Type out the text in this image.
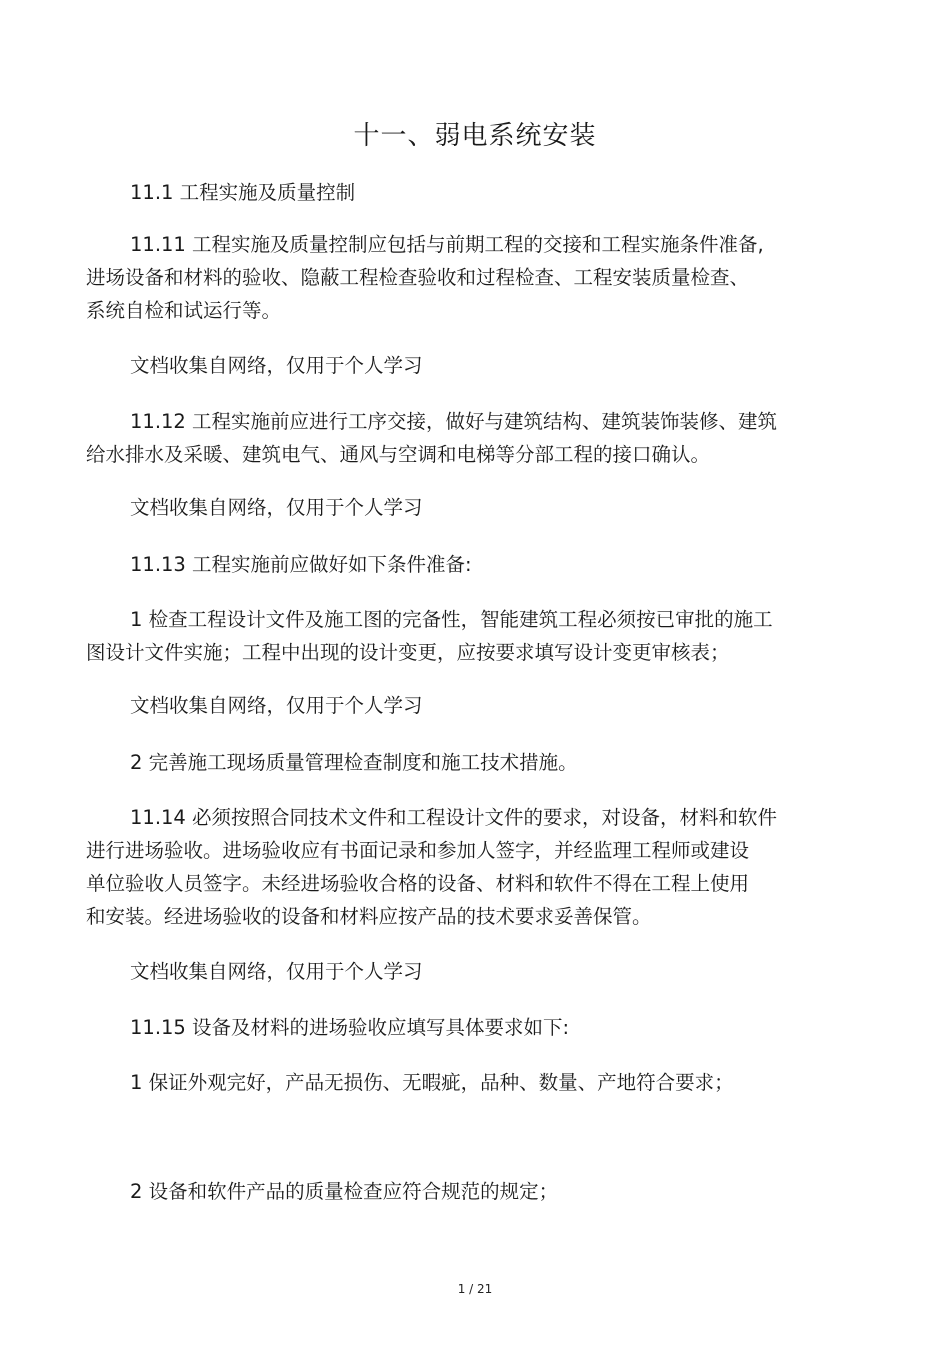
十一、弱电系统安装
11.1 工程实施及质量控制
11.11 工程实施及质量控制应包括与前期工程的交接和工程实施条件准备,
进场设备和材料的验收、隐蔽工程检查验收和过程检查、工程安装质量检查、
系统自检和试运行等。
文档收集自网络，仅用于个人学习
11.12 工程实施前应进行工序交接，做好与建筑结构、建筑装饰装修、建筑
给水排水及采暖、建筑电气、通风与空调和电梯等分部工程的接口确认。
文档收集自网络，仅用于个人学习
11.13 工程实施前应做好如下条件准备:
1 检查工程设计文件及施工图的完备性，智能建筑工程必须按已审批的施工
图设计文件实施；工程中出现的设计变更，应按要求填写设计变更审核表；
文档收集自网络，仅用于个人学习
2 完善施工现场质量管理检查制度和施工技术措施。
11.14 必须按照合同技术文件和工程设计文件的要求，对设备，材料和软件
进行进场验收。进场验收应有书面记录和参加人签字，并经监理工程师或建设
单位验收人员签字。未经进场验收合格的设备、材料和软件不得在工程上使用
和安装。经进场验收的设备和材料应按产品的技术要求妥善保管。
文档收集自网络，仅用于个人学习
11.15 设备及材料的进场验收应填写具体要求如下:
1 保证外观完好，产品无损伤、无暇疵，品种、数量、产地符合要求；
2 设备和软件产品的质量检查应符合规范的规定；
1 / 21
